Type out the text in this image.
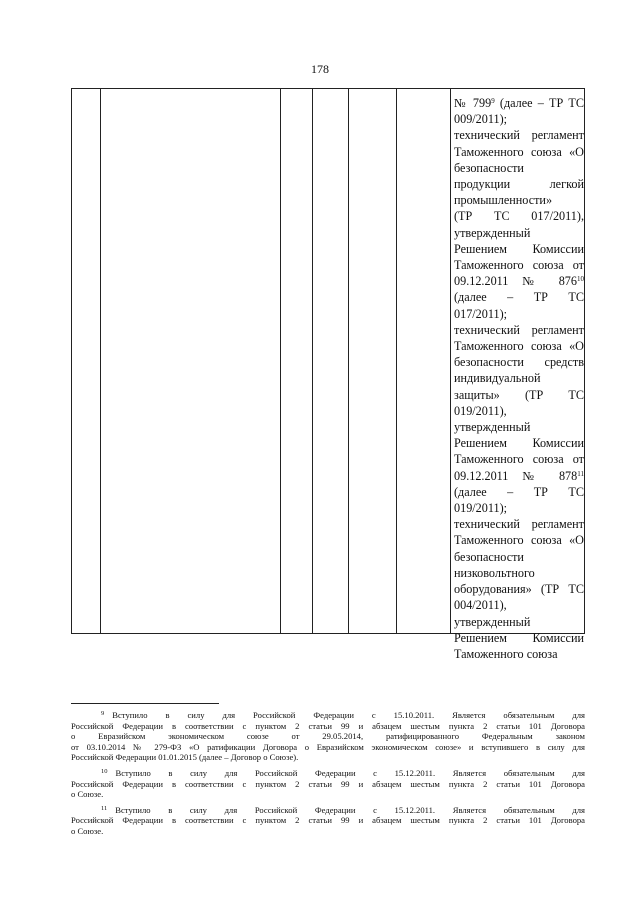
178
№ $799^9$ (далее – ТР ТС
009/2011);
технический регламент
Таможенного союза «О
безопасности
продукции легкой
промышленности»
(ТР ТС 017/2011),
утвержденный
Решением Комиссии
Таможенного союза от
09.12.2011 № $876^{10}$
(далее – ТР ТС
017/2011);
технический регламент
Таможенного союза «О
безопасности средств
индивидуальной
защиты» (ТР ТС
019/2011),
утвержденный
Решением Комиссии
Таможенного союза от
09.12.2011 № $878^{11}$
(далее – ТР ТС
019/2011);
технический регламент
Таможенного союза «О
безопасности
низковольтного
оборудования» (ТР ТС
004/2011),
утвержденный
Решением Комиссии
Таможенного союза
$^9$ Вступило в силу для Российской Федерации с 15.10.2011. Является обязательным для
Российской Федерации в соответствии с пунктом 2 статьи 99 и абзацем шестым пункта 2 статьи 101 Договора
о Евразийском экономическом союзе от 29.05.2014, ратифицированного Федеральным законом
от 03.10.2014 № 279-ФЗ «О ратификации Договора о Евразийском экономическом союзе» и вступившего в силу для
Российской Федерации 01.01.2015 (далее – Договор о Союзе).
$^{10}$ Вступило в силу для Российской Федерации с 15.12.2011. Является обязательным для
Российской Федерации в соответствии с пунктом 2 статьи 99 и абзацем шестым пункта 2 статьи 101 Договора
о Союзе.
$^{11}$ Вступило в силу для Российской Федерации с 15.12.2011. Является обязательным для
Российской Федерации в соответствии с пунктом 2 статьи 99 и абзацем шестым пункта 2 статьи 101 Договора
о Союзе.
